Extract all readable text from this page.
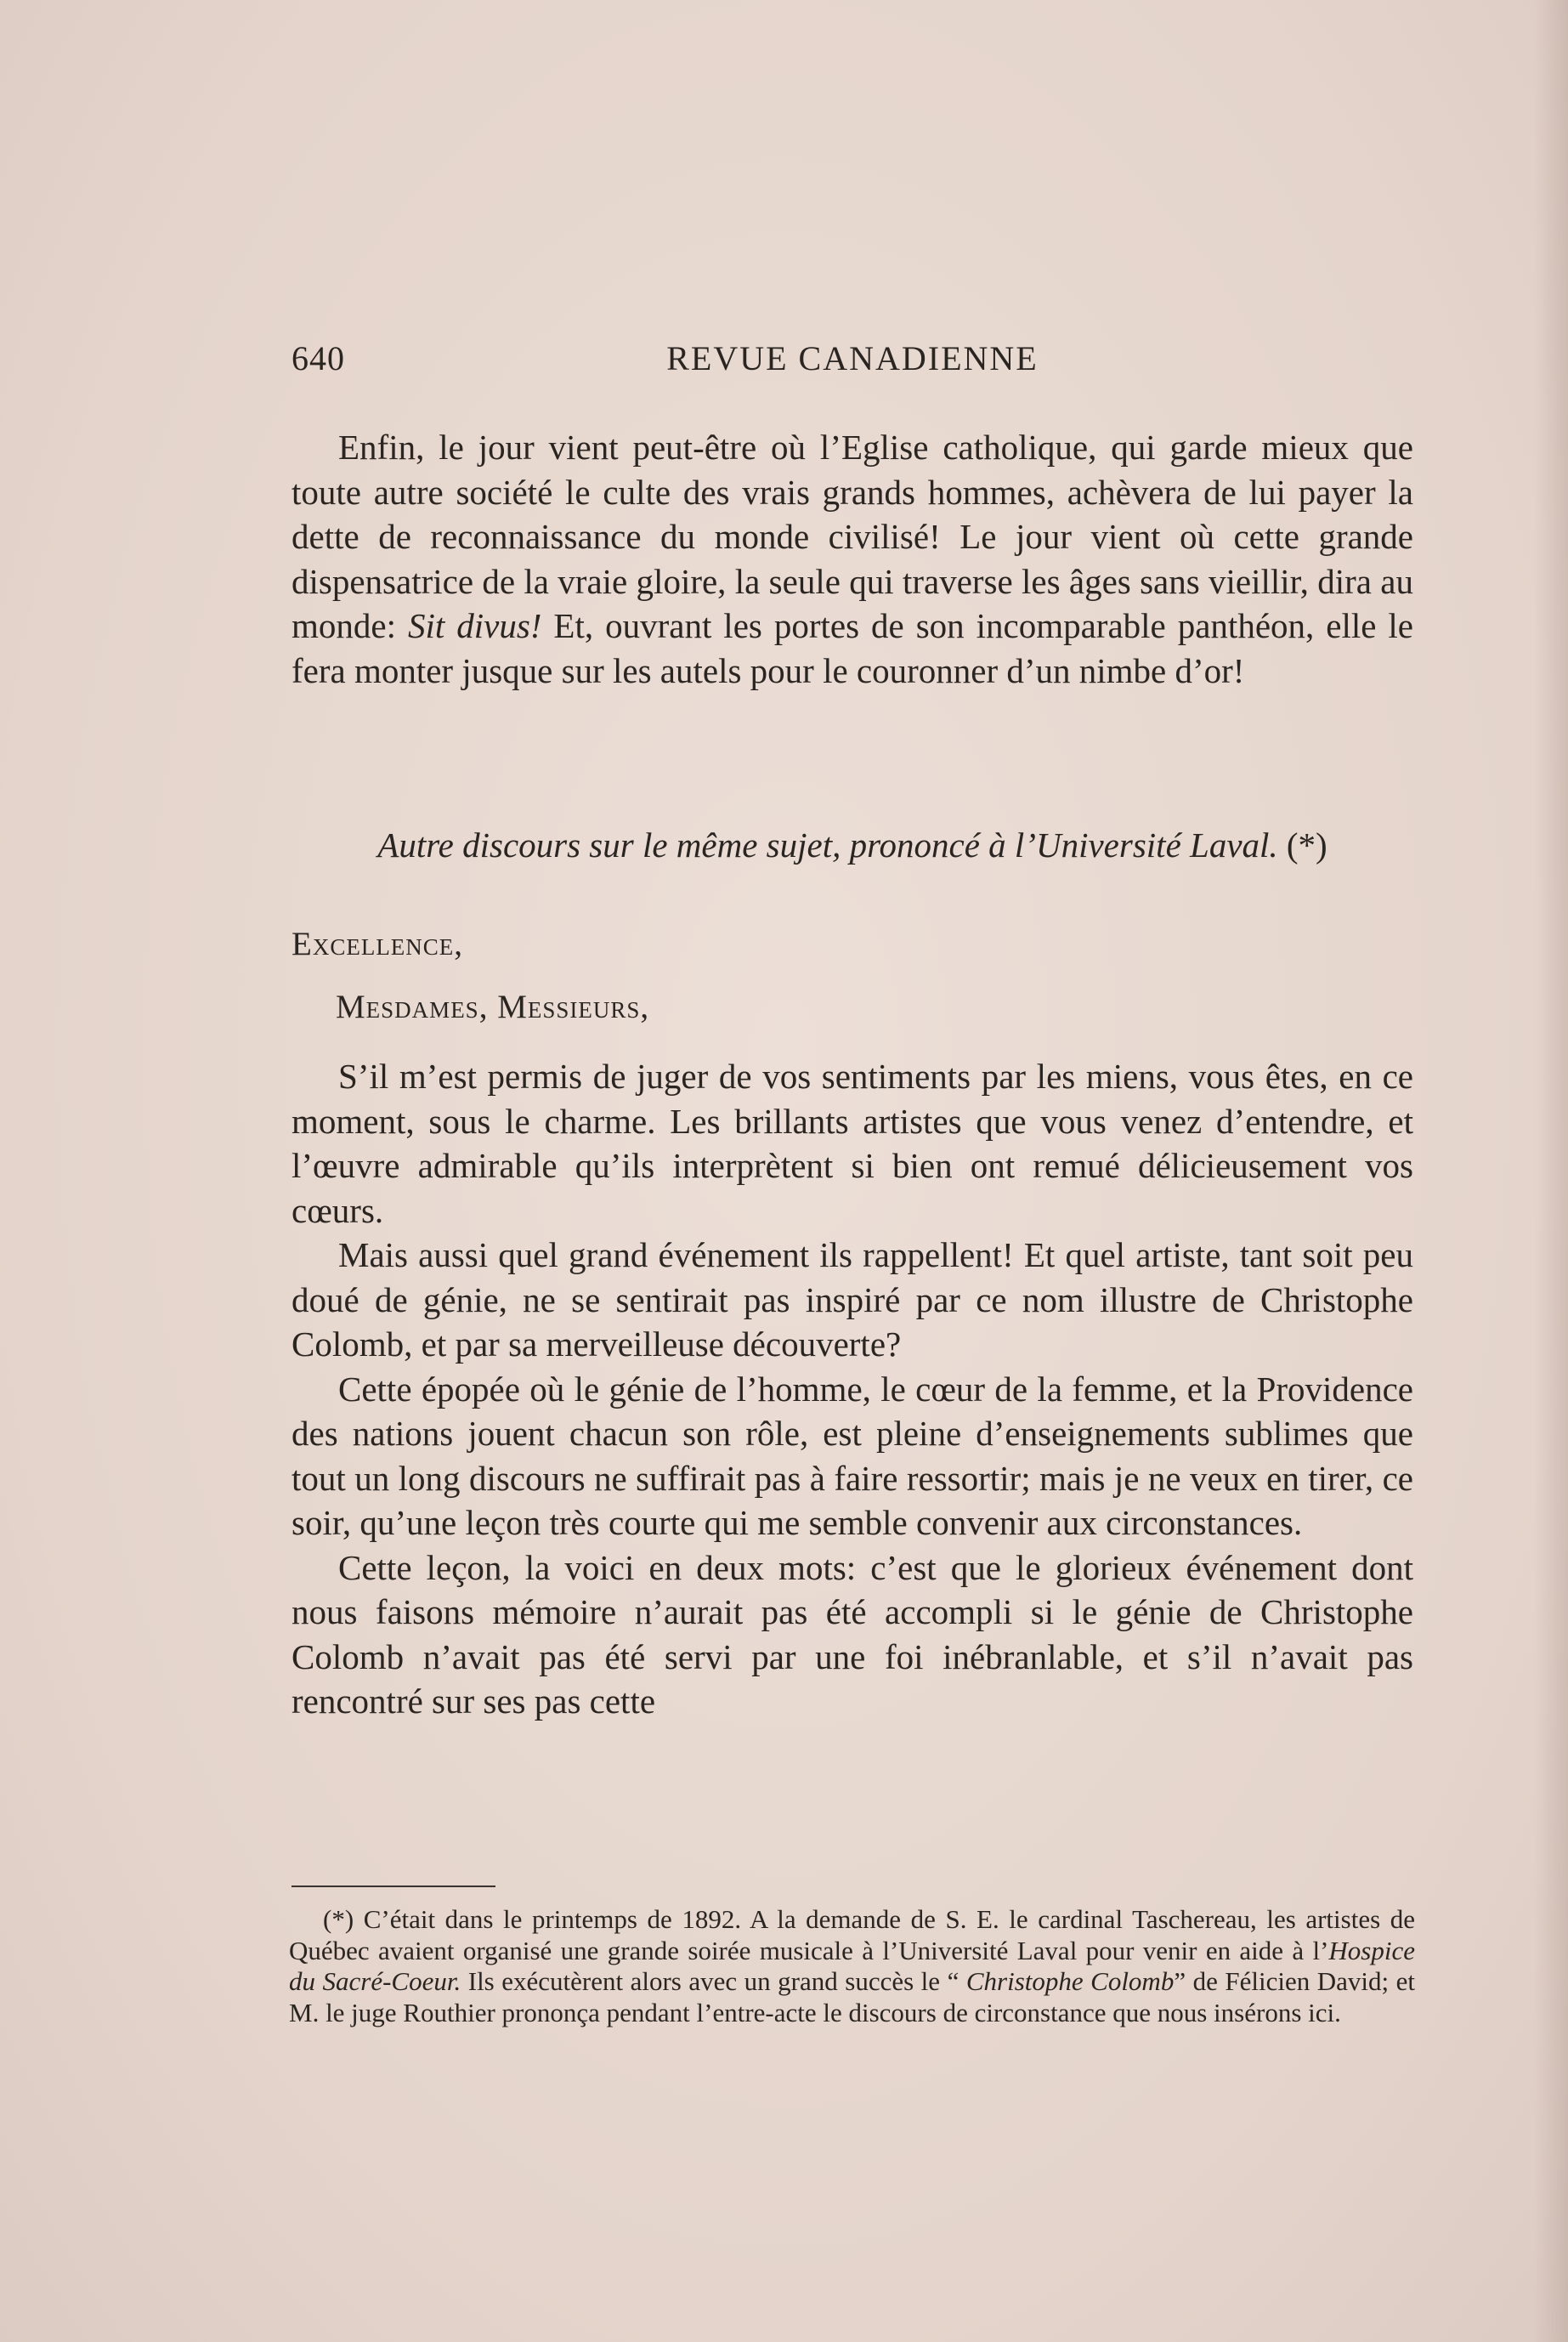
640	REVUE CANADIENNE

Enfin, le jour vient peut-être où l’Eglise catholique, qui garde mieux que toute autre société le culte des vrais grands hommes, achèvera de lui payer la dette de reconnaissance du monde civilisé! Le jour vient où cette grande dispensatrice de la vraie gloire, la seule qui traverse les âges sans vieillir, dira au monde: Sit divus! Et, ouvrant les portes de son incomparable panthéon, elle le fera monter jusque sur les autels pour le couronner d’un nimbe d’or!

Autre discours sur le même sujet, prononcé à l’Université Laval. (*)
Excellence,
Mesdames, Messieurs,

S’il m’est permis de juger de vos sentiments par les miens, vous êtes, en ce moment, sous le charme. Les brillants artistes que vous venez d’entendre, et l’œuvre admirable qu’ils interprètent si bien ont remué délicieusement vos cœurs.

Mais aussi quel grand événement ils rappellent! Et quel artiste, tant soit peu doué de génie, ne se sentirait pas inspiré par ce nom illustre de Christophe Colomb, et par sa merveilleuse découverte?

Cette épopée où le génie de l’homme, le cœur de la femme, et la Providence des nations jouent chacun son rôle, est pleine d’enseignements sublimes que tout un long discours ne suffirait pas à faire ressortir; mais je ne veux en tirer, ce soir, qu’une leçon très courte qui me semble convenir aux circonstances.

Cette leçon, la voici en deux mots: c’est que le glorieux événement dont nous faisons mémoire n’aurait pas été accompli si le génie de Christophe Colomb n’avait pas été servi par une foi inébranlable, et s’il n’avait pas rencontré sur ses pas cette

(*) C’était dans le printemps de 1892. A la demande de S. E. le cardinal Taschereau, les artistes de Québec avaient organisé une grande soirée musicale à l’Université Laval pour venir en aide à l’Hospice du Sacré-Coeur. Ils exécutèrent alors avec un grand succès le “ Christophe Colomb” de Félicien David; et M. le juge Routhier prononça pendant l’entre-acte le discours de circonstance que nous insérons ici.
